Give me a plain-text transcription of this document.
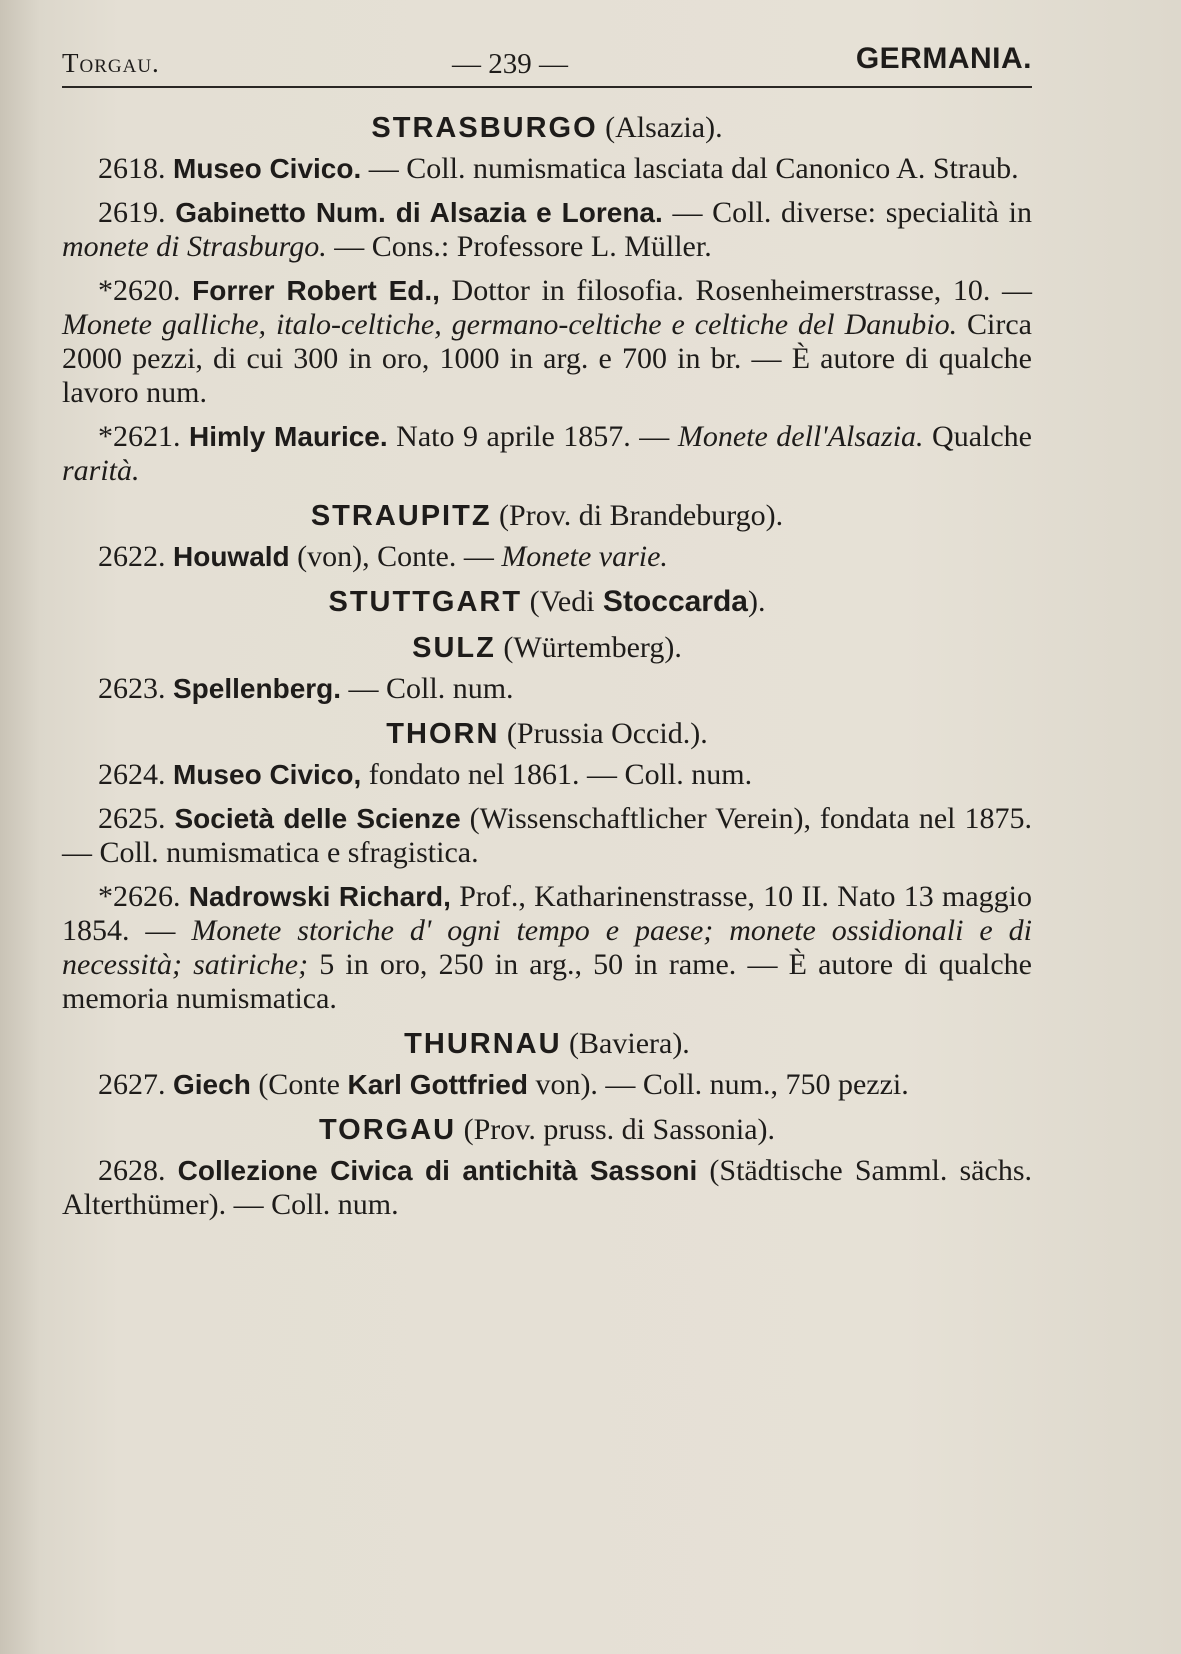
Torgau.	— 239 —	GERMANIA.
STRASBURGO (Alsazia).

2618. Museo Civico. — Coll. numismatica lasciata dal Canonico A. Straub.

2619. Gabinetto Num. di Alsazia e Lorena. — Coll. diverse: specialità in monete di Strasburgo. — Cons.: Professore L. Müller.

*2620. Forrer Robert Ed., Dottor in filosofia. Rosenheimerstrasse, 10. — Monete galliche, italo-celtiche, germano-celtiche e celtiche del Danubio. Circa 2000 pezzi, di cui 300 in oro, 1000 in arg. e 700 in br. — È autore di qualche lavoro num.

*2621. Himly Maurice. Nato 9 aprile 1857. — Monete dell'Alsazia. Qualche rarità.

STRAUPITZ (Prov. di Brandeburgo).

2622. Houwald (von), Conte. — Monete varie.

STUTTGART (Vedi Stoccarda).
SULZ (Würtemberg).

2623. Spellenberg. — Coll. num.

THORN (Prussia Occid.).

2624. Museo Civico, fondato nel 1861. — Coll. num.

2625. Società delle Scienze (Wissenschaftlicher Verein), fondata nel 1875. — Coll. numismatica e sfragistica.

*2626. Nadrowski Richard, Prof., Katharinenstrasse, 10 II. Nato 13 maggio 1854. — Monete storiche d' ogni tempo e paese; monete ossidionali e di necessità; satiriche; 5 in oro, 250 in arg., 50 in rame. — È autore di qualche memoria numismatica.

THURNAU (Baviera).

2627. Giech (Conte Karl Gottfried von). — Coll. num., 750 pezzi.

TORGAU (Prov. pruss. di Sassonia).

2628. Collezione Civica di antichità Sassoni (Städtische Samml. sächs. Alterthümer). — Coll. num.
